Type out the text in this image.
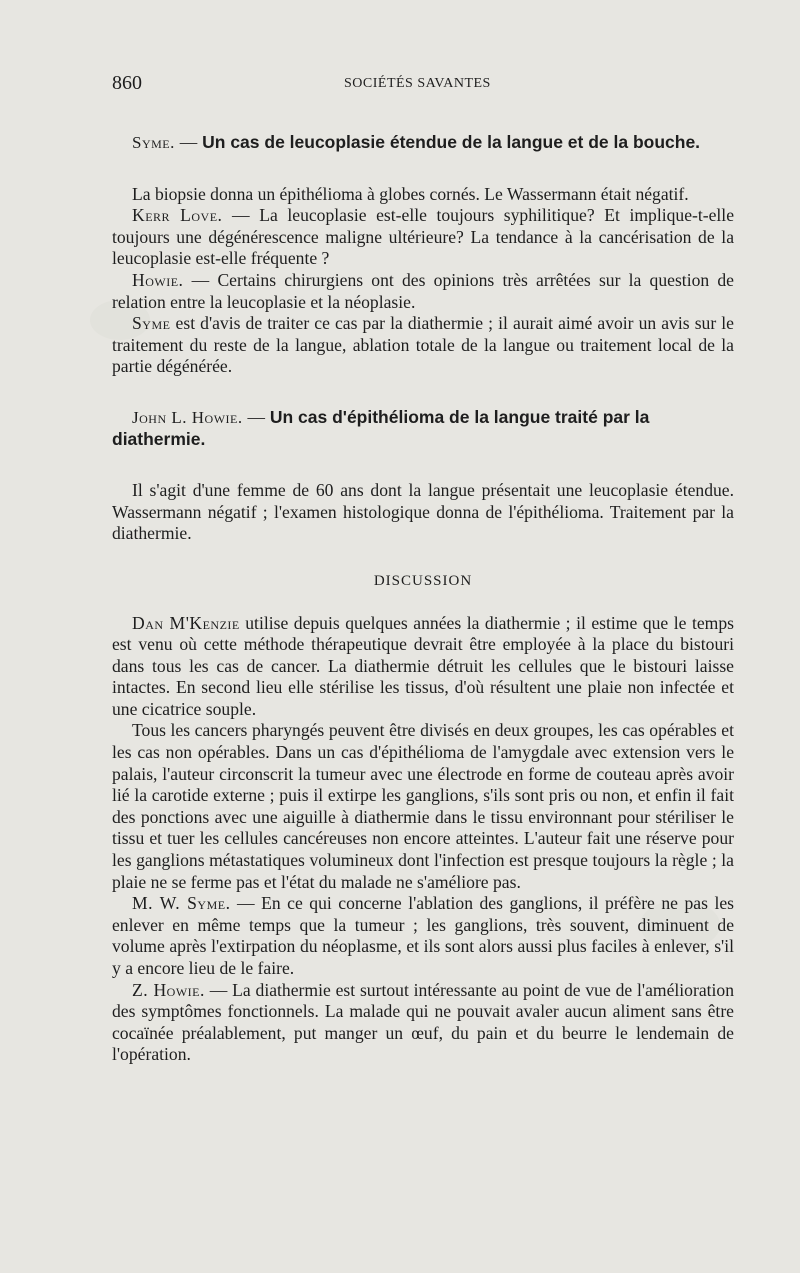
860	SOCIÉTÉS SAVANTES

Syme. — Un cas de leucoplasie étendue de la langue et de la bouche.

La biopsie donna un épithélioma à globes cornés. Le Wassermann était négatif.

Kerr Love. — La leucoplasie est-elle toujours syphilitique? Et implique-t-elle toujours une dégénérescence maligne ultérieure? La tendance à la cancérisation de la leucoplasie est-elle fréquente ?

Howie. — Certains chirurgiens ont des opinions très arrêtées sur la question de relation entre la leucoplasie et la néoplasie.

Syme est d'avis de traiter ce cas par la diathermie ; il aurait aimé avoir un avis sur le traitement du reste de la langue, ablation totale de la langue ou traitement local de la partie dégénérée.

John L. Howie. — Un cas d'épithélioma de la langue traité par la diathermie.

Il s'agit d'une femme de 60 ans dont la langue présentait une leucoplasie étendue. Wassermann négatif ; l'examen histologique donna de l'épithélioma. Traitement par la diathermie.

DISCUSSION

Dan M'Kenzie utilise depuis quelques années la diathermie ; il estime que le temps est venu où cette méthode thérapeutique devrait être employée à la place du bistouri dans tous les cas de cancer. La diathermie détruit les cellules que le bistouri laisse intactes. En second lieu elle stérilise les tissus, d'où résultent une plaie non infectée et une cicatrice souple.

Tous les cancers pharyngés peuvent être divisés en deux groupes, les cas opérables et les cas non opérables. Dans un cas d'épithélioma de l'amygdale avec extension vers le palais, l'auteur circonscrit la tumeur avec une électrode en forme de couteau après avoir lié la carotide externe ; puis il extirpe les ganglions, s'ils sont pris ou non, et enfin il fait des ponctions avec une aiguille à diathermie dans le tissu environnant pour stériliser le tissu et tuer les cellules cancéreuses non encore atteintes. L'auteur fait une réserve pour les ganglions métastatiques volumineux dont l'infection est presque toujours la règle ; la plaie ne se ferme pas et l'état du malade ne s'améliore pas.

M. W. Syme. — En ce qui concerne l'ablation des ganglions, il préfère ne pas les enlever en même temps que la tumeur ; les ganglions, très souvent, diminuent de volume après l'extirpation du néoplasme, et ils sont alors aussi plus faciles à enlever, s'il y a encore lieu de le faire.

Z. Howie. — La diathermie est surtout intéressante au point de vue de l'amélioration des symptômes fonctionnels. La malade qui ne pouvait avaler aucun aliment sans être cocaïnée préalablement, put manger un œuf, du pain et du beurre le lendemain de l'opération.
